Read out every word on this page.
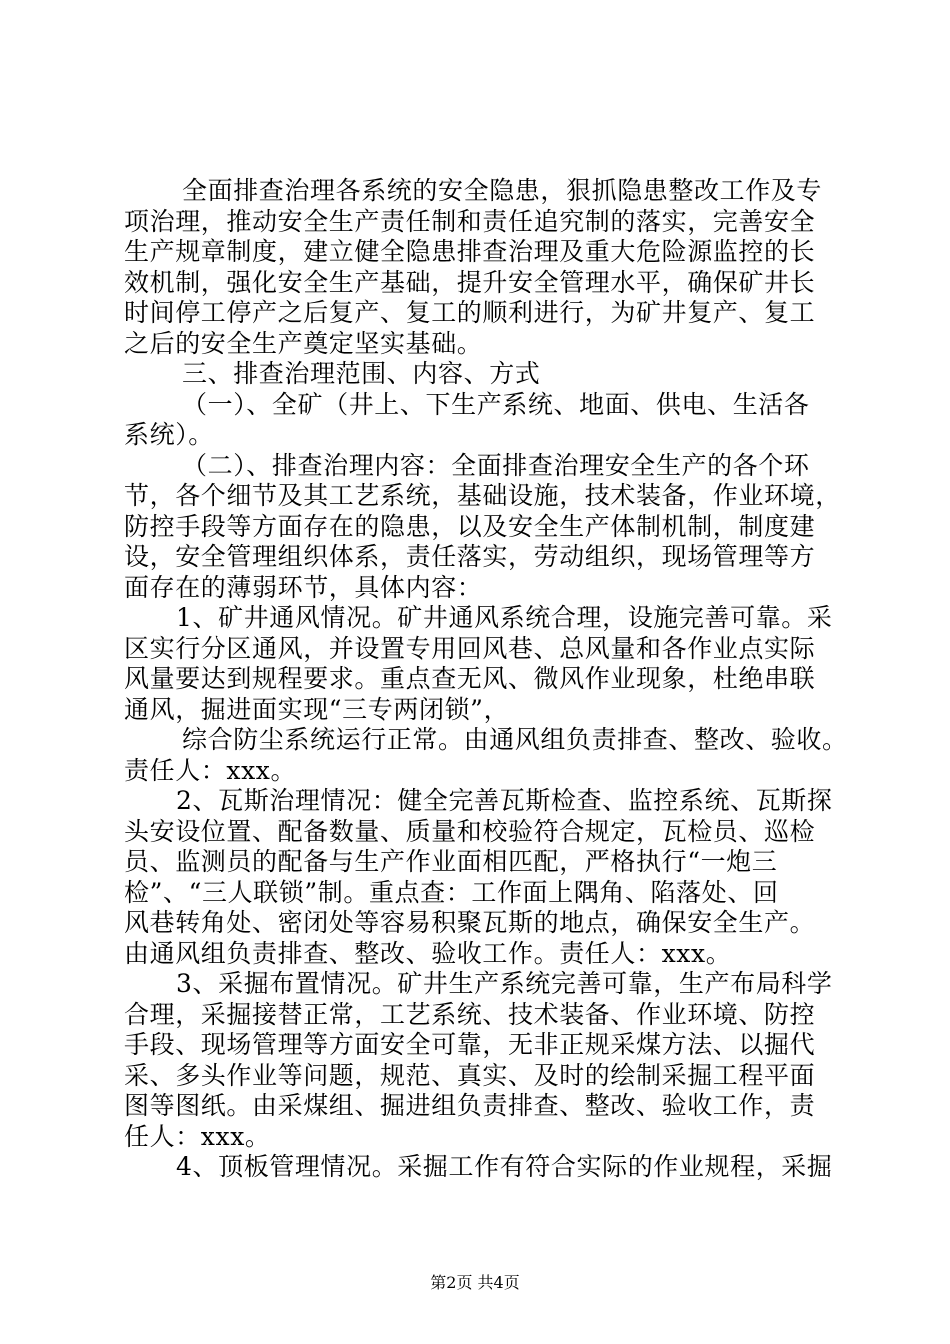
全面排查治理各系统的安全隐患，狠抓隐患整改工作及专
项治理，推动安全生产责任制和责任追究制的落实，完善安全
生产规章制度，建立健全隐患排查治理及重大危险源监控的长
效机制，强化安全生产基础，提升安全管理水平，确保矿井长
时间停工停产之后复产、复工的顺利进行，为矿井复产、复工
之后的安全生产奠定坚实基础。
三、排查治理范围、内容、方式
（一）、全矿（井上、下生产系统、地面、供电、生活各
系统）。
（二）、排查治理内容：全面排查治理安全生产的各个环
节，各个细节及其工艺系统，基础设施，技术装备，作业环境，
防控手段等方面存在的隐患，以及安全生产体制机制，制度建
设，安全管理组织体系，责任落实，劳动组织，现场管理等方
面存在的薄弱环节，具体内容：
1、矿井通风情况。矿井通风系统合理，设施完善可靠。采
区实行分区通风，并设置专用回风巷、总风量和各作业点实际
风量要达到规程要求。重点查无风、微风作业现象，杜绝串联
通风，掘进面实现“三专两闭锁”，
综合防尘系统运行正常。由通风组负责排查、整改、验收。
责任人：xxx。
2、瓦斯治理情况：健全完善瓦斯检查、监控系统、瓦斯探
头安设位置、配备数量、质量和校验符合规定，瓦检员、巡检
员、监测员的配备与生产作业面相匹配，严格执行“一炮三
检”、“三人联锁”制。重点查：工作面上隅角、陷落处、回
风巷转角处、密闭处等容易积聚瓦斯的地点，确保安全生产。
由通风组负责排查、整改、验收工作。责任人：xxx。
3、采掘布置情况。矿井生产系统完善可靠，生产布局科学
合理，采掘接替正常，工艺系统、技术装备、作业环境、防控
手段、现场管理等方面安全可靠，无非正规采煤方法、以掘代
采、多头作业等问题，规范、真实、及时的绘制采掘工程平面
图等图纸。由采煤组、掘进组负责排查、整改、验收工作，责
任人：xxx。
4、顶板管理情况。采掘工作有符合实际的作业规程，采掘
第2页 共4页
